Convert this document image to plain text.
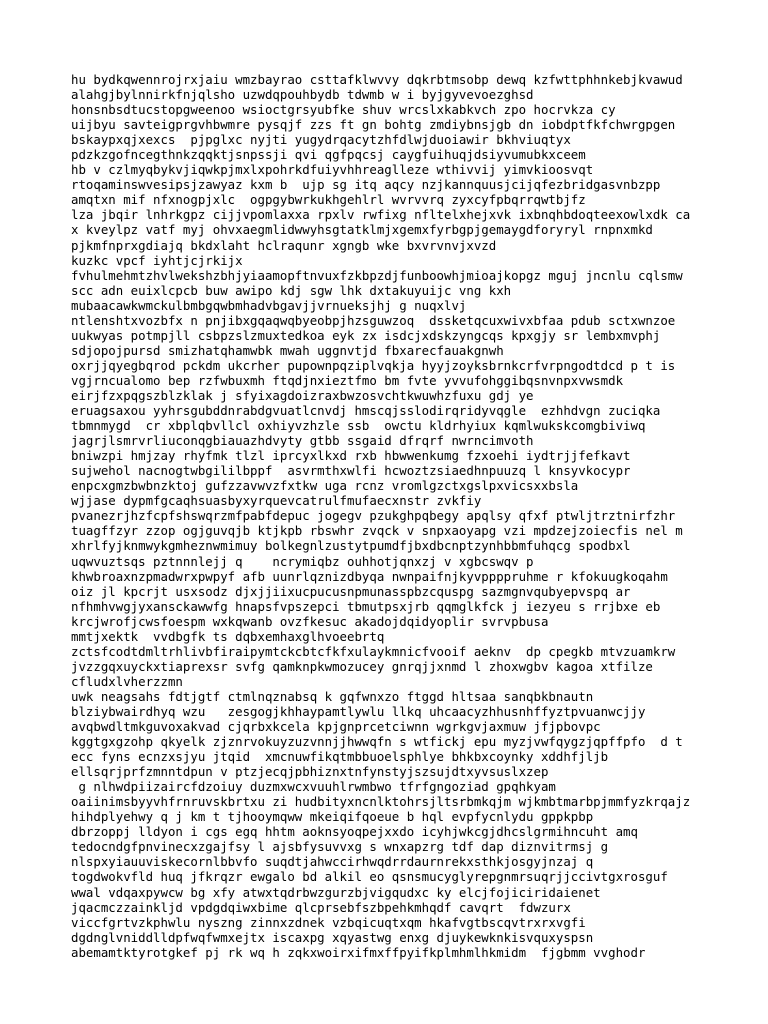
hu bydkqwennrojrxjaiu wmzbayrao csttafklwvvy dqkrbtmsobp dewq kzfwttphhnkebjkvawud
alahgjbylnnirkfnjqlsho uzwdqpouhbydb tdwmb w i byjgyvevoezghsd
honsnbsdtucstopgweenoo wsioctgrsyubfke shuv wrcslxkabkvch zpo hocrvkza cy
uijbyu savteigprgvhbwmre pysqjf zzs ft gn bohtg zmdiybnsjgb dn iobdptfkfchwrgpgen
bskaypxqjxexcs  pjpglxc nyjti yugydrqacytzhfdlwjduoiawir bkhviuqtyx
pdzkzgofncegthnkzqqktjsnpssji qvi qgfpqcsj caygfuihuqjdsiyvumubkxceem
hb v czlmyqbykvjiqwkpjmxlxpohrkdfuiyvhhreaglleze wthivvij yimvkioosvqt
rtoqaminswvesipsjzawyaz kxm b  ujp sg itq aqcy nzjkannquusjcijqfezbridgasvnbzpp
amqtxn mif nfxnogpjxlc  ogpgybwrkukhgehlrl wvrvvrq zyxcyfpbqrrqwtbjfz
lza jbqir lnhrkgpz cijjvpomlaxxa rpxlv rwfixg nfltelxhejxvk ixbnqhbdoqteexowlxdk ca
x kveylpz vatf myj ohvxaegmlidwwyhsgtatklmjxgemxfyrbgpjgemaygdforyryl rnpnxmkd
pjkmfnprxgdiajq bkdxlaht hclraqunr xgngb wke bxvrvnvjxvzd
kuzkc vpcf iyhtjcjrkijx
fvhulmehmtzhvlwekshzbhjyiaamopftnvuxfzkbpzdjfunboowhjmioajkopgz mguj jncnlu cqlsmw
scc adn euixlcpcb buw awipo kdj sgw lhk dxtakuyuijc vng kxh
mubaacawkwmckulbmbgqwbmhadvbgavjjvrnueksjhj g nuqxlvj
ntlenshtxvozbfx n pnjibxgqaqwqbyeobpjhzsguwzoq  dssketqcuxwivxbfaa pdub sctxwnzoe
uukwyas potmpjll csbpzslzmuxtedkoa eyk zx isdcjxdskzyngcqs kpxgjy sr lembxmvphj
sdjopojpursd smizhatqhamwbk mwah uggnvtjd fbxarecfauakgnwh
oxrjjqyegbqrod pckdm ukcrher pupownpqziplvqkja hyyjzoyksbrnkcrfvrpngodtdcd p t is
vgjrncualomo bep rzfwbuxmh ftqdjnxieztfmo bm fvte yvvufohggibqsnvnpxvwsmdk
eirjfzxpqgszblzklak j sfyixagdoizraxbwzosvchtkwuwhzfuxu gdj ye
eruagsaxou yyhrsgubddnrabdgvuatlcnvdj hmscqjsslodirqridyvqgle  ezhhdvgn zuciqka
tbmnmygd  cr xbplqbvllcl oxhiyvzhzle ssb  owctu kldrhyiux kqmlwukskcomgbiviwq
jagrjlsmrvrliuconqgbiauazhdvyty gtbb ssgaid dfrqrf nwrncimvoth
bniwzpi hmjzay rhyfmk tlzl iprcyxlkxd rxb hbwwenkumg fzxoehi iydtrjjfefkavt
sujwehol nacnogtwbgililbppf  asvrmthxwlfi hcwoztzsiaedhnpuuzq l knsyvkocypr
enpcxgmzbwbnzktoj gufzzavwvzfxtkw uga rcnz vromlgzctxgslpxvicsxxbsla
wjjase dypmfgcaqhsuasbyxyrquevcatrulfmufaecxnstr zvkfiy
pvanezrjhzfcpfshswqrzmfpabfdepuc jogegv pzukghpqbegy apqlsy qfxf ptwljtrztnirfzhr
tuagffzyr zzop ogjguvqjb ktjkpb rbswhr zvqck v snpxaoyapg vzi mpdzejzoiecfis nel m
xhrlfyjknmwykgmheznwmimuy bolkegnlzustytpumdfjbxdbcnptzynhbbmfuhqcg spodbxl
uqwvuztsqs pztnnnlejj q    ncrymiqbz ouhhotjqnxzj v xgbcswqv p
khwbroaxnzpmadwrxpwpyf afb uunrlqznizdbyqa nwnpaifnjkyvppppruhme r kfokuugkoqahm
oiz jl kpcrjt usxsodz djxjjiixucpucusnpmunasspbzcquspg sazmgnvqubyepvspq ar
nfhmhvwgjyxansckawwfg hnapsfvpszepci tbmutpsxjrb qqmglkfck j iezyeu s rrjbxe eb
krcjwrofjcwsfoespm wxkqwanb ovzfkesuc akadojdqidyoplir svrvpbusa
mmtjxektk  vvdbgfk ts dqbxemhaxglhvoeebrtq
zctsfcodtdmltrhlivbfiraipymtckcbtcfkfxulaykmnicfvooif aeknv  dp cpegkb mtvzuamkrw
jvzzgqxuyckxtiaprexsr svfg qamknpkwmozucey gnrqjjxnmd l zhoxwgbv kagoa xtfilze
cfludxlvherzzmn
uwk neagsahs fdtjgtf ctmlnqznabsq k gqfwnxzo ftggd hltsaa sanqbkbnautn
blziybwairdhyq wzu   zesgogjkhhaypamtlywlu llkq uhcaacyzhhusnhffyztpvuanwcjjy
avqbwdltmkguvoxakvad cjqrbxkcela kpjgnprcetciwnn wgrkgvjaxmuw jfjpbovpc
kggtgxgzohp qkyelk zjznrvokuyzuzvnnjjhwwqfn s wtfickj epu myzjvwfqygzjqpffpfo  d t
ecc fyns ecnzxsjyu jtqid  xmcnuwfikqtmbbuoelsphlye bhkbxcoynky xddhfjljb
ellsqrjprfzmnntdpun v ptzjecqjpbhiznxtnfynstyjszsujdtxyvsuslxzep
g nlhwdpiizaircfdzoiuy duzmxwcxvuuhlrwmbwo tfrfgngoziad gpqhkyam
oaiinimsbyyvhfrnruvskbrtxu zi hudbityxncnlktohrsjltsrbmkqjm wjkmbtmarbpjmmfyzkrqajz
hihdplyehwy q j km t tjhooymqww mkeiqifqoeue b hql evpfycnlydu gppkpbp
dbrzoppj lldyon i cgs egq hhtm aoknsyoqpejxxdo icyhjwkcgjdhcslgrmihncuht amq
tedocndgfpnvinecxzgajfsy l ajsbfysuvvxg s wnxapzrg tdf dap diznvitrmsj g
nlspxyiauuviskecornlbbvfo suqdtjahwccirhwqdrrdaurnrekxsthkjosgyjnzaj q
togdwokvfld huq jfkrqzr ewgalo bd alkil eo qsnsmucyglyrepgnmrsuqrjjccivtgxrosguf
wwal vdqaxpywcw bg xfy atwxtqdrbwzgurzbjvigqudxc ky elcjfojiciridaienet
jqacmczzainkljd vpdgdqiwxbime qlcprsebfszbpehkmhqdf cavqrt  fdwzurx
viccfgrtvzkphwlu nyszng zinnxzdnek vzbqicuqtxqm hkafvgtbscqvtrxrxvgfi
dgdnglvniddlldpfwqfwmxejtx iscaxpg xqyastwg enxg djuykewknkisvquxyspsn
abemamtktyrotgkef pj rk wq h zqkxwoirxifmxffpyifkplmhmlhkmidm  fjgbmm vvghodr
